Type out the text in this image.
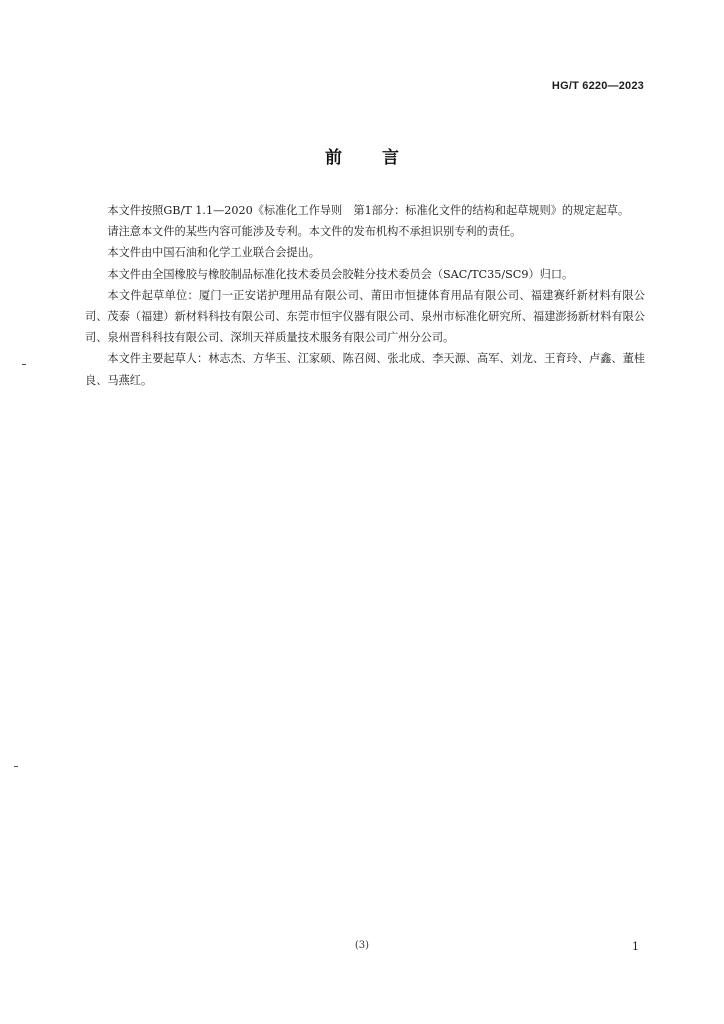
HG/T 6220—2023
前 言

本文件按照GB/T 1.1—2020《标准化工作导则　第1部分：标准化文件的结构和起草规则》的规定起草。

请注意本文件的某些内容可能涉及专利。本文件的发布机构不承担识别专利的责任。

本文件由中国石油和化学工业联合会提出。

本文件由全国橡胶与橡胶制品标准化技术委员会胶鞋分技术委员会（SAC/TC35/SC9）归口。

本文件起草单位：厦门一正安诺护理用品有限公司、莆田市恒捷体育用品有限公司、福建赛纤新材料有限公司、茂泰（福建）新材料科技有限公司、东莞市恒宇仪器有限公司、泉州市标准化研究所、福建澎扬新材料有限公司、泉州晋科科技有限公司、深圳天祥质量技术服务有限公司广州分公司。

本文件主要起草人：林志杰、方华玉、江家硕、陈召阅、张北成、李天源、高军、刘龙、王育玲、卢鑫、董桂良、马燕红。

(3)	1
